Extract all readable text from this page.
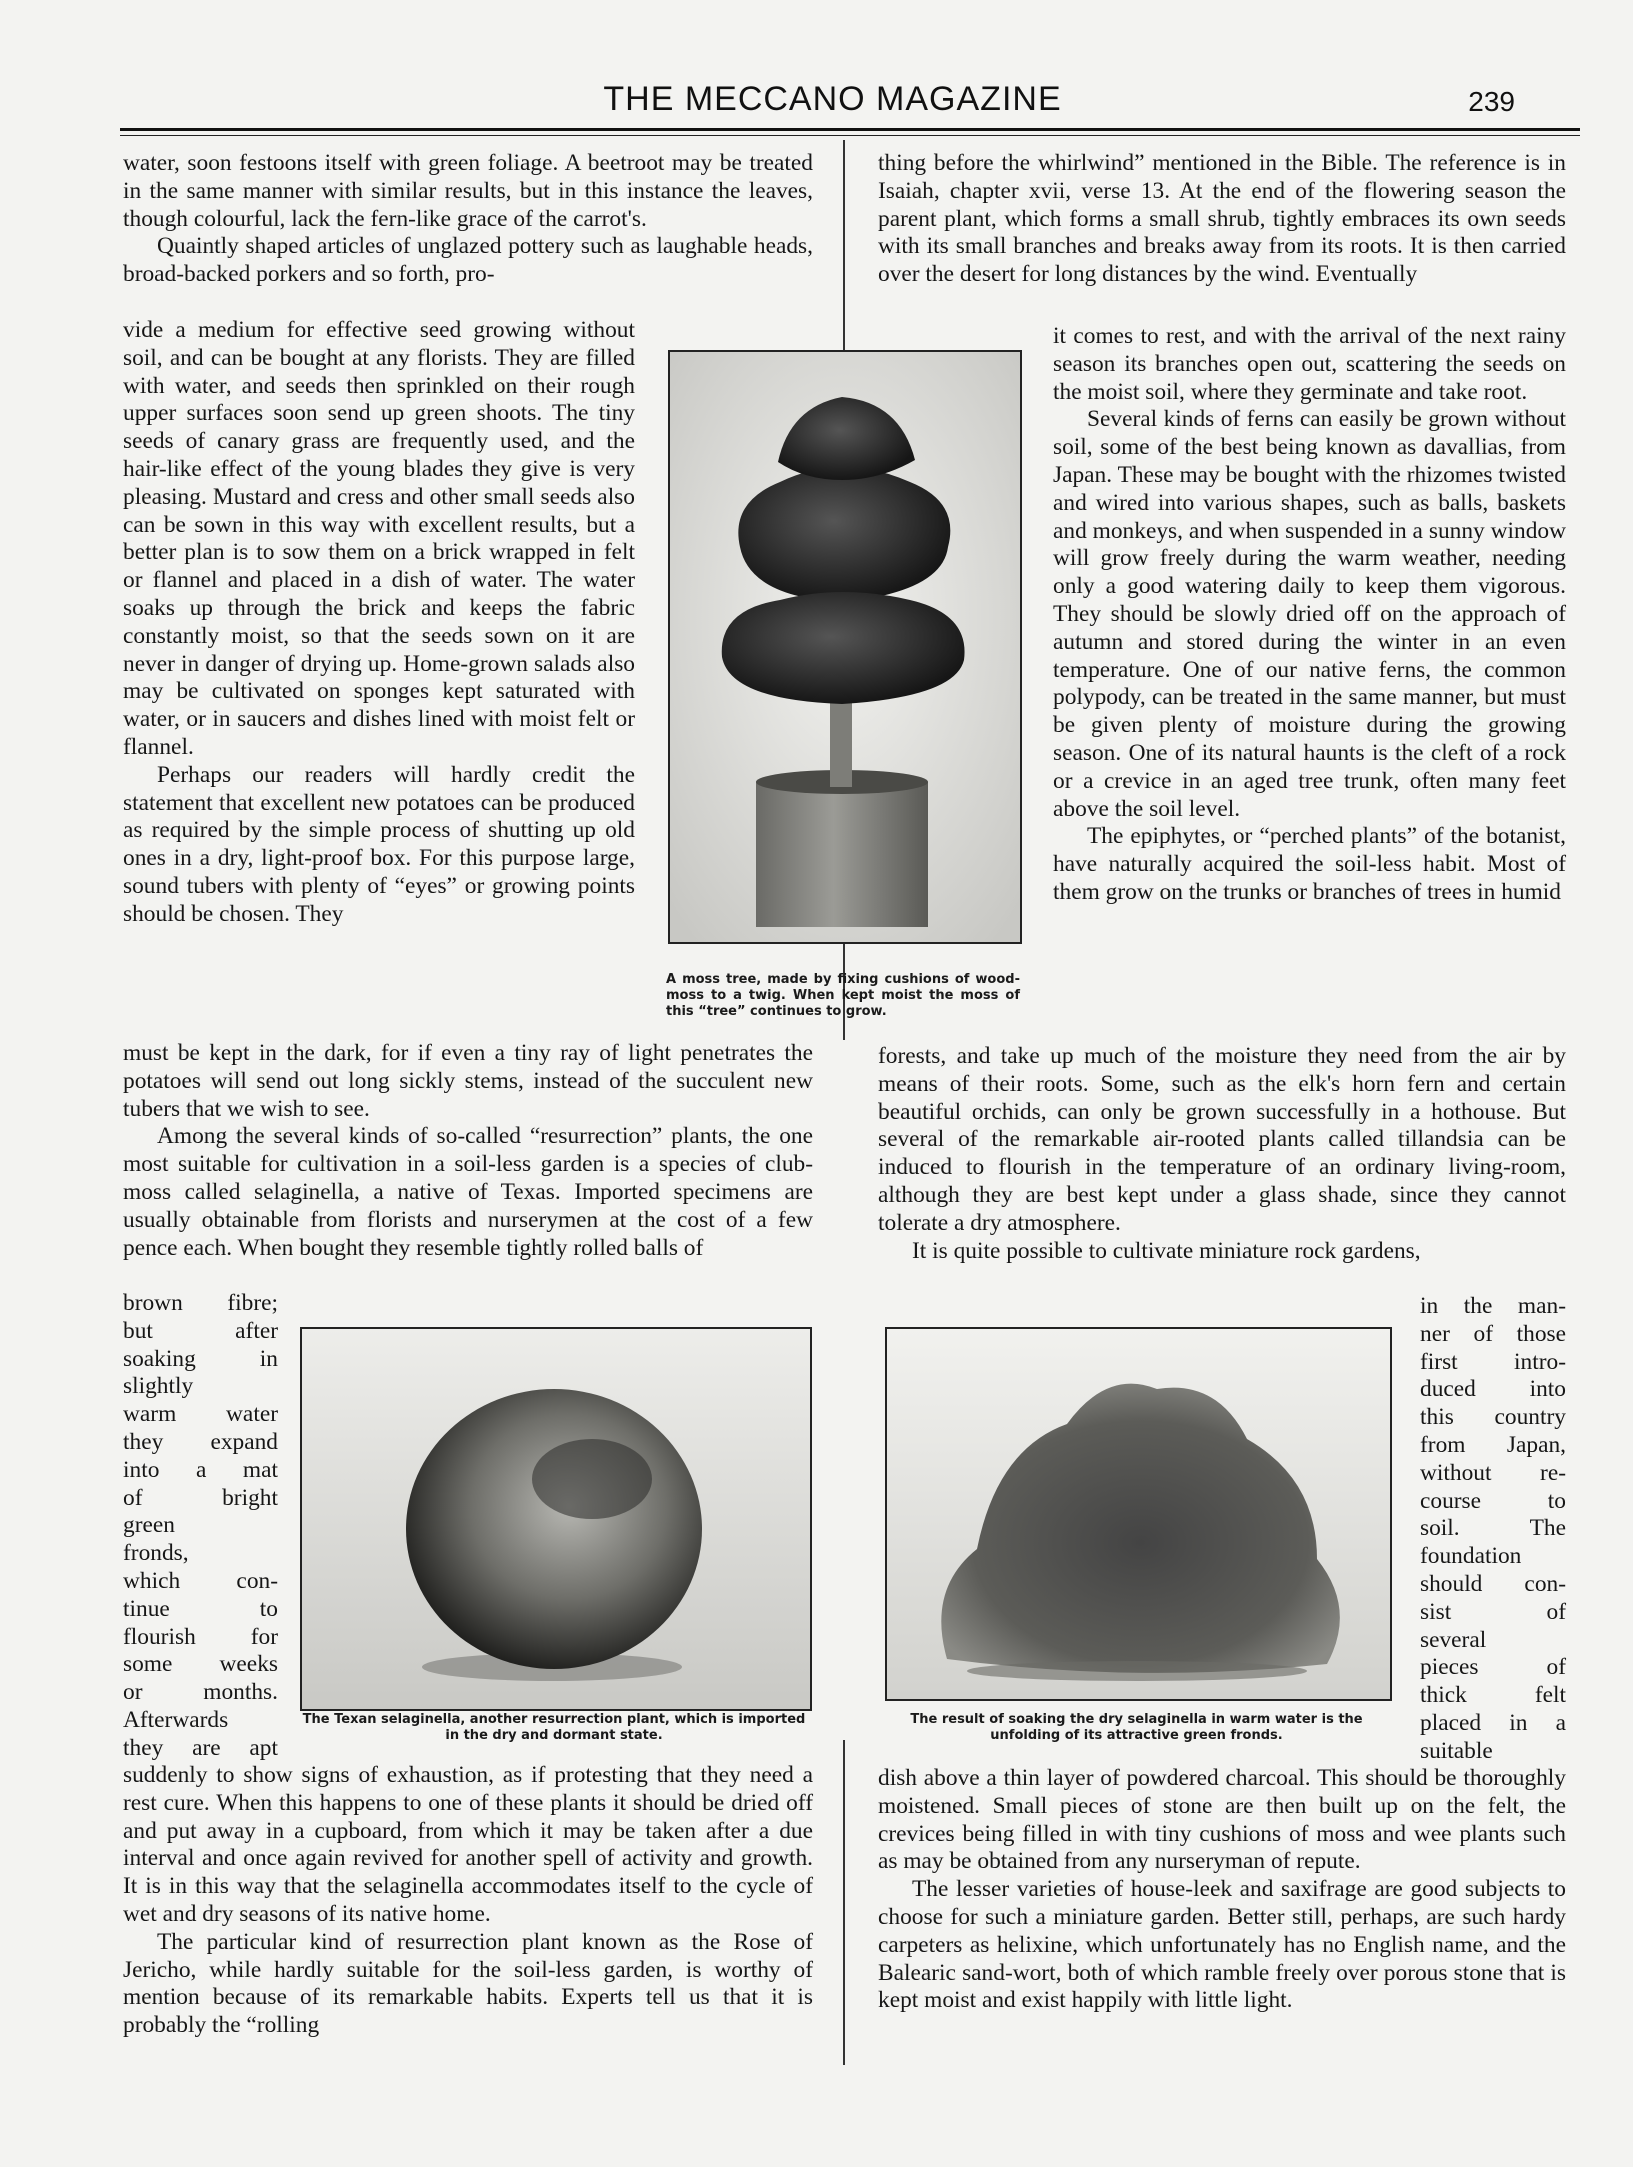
THE MECCANO MAGAZINE	239

water, soon festoons itself with green foliage. A beetroot may be treated in the same manner with similar results, but in this instance the leaves, though colourful, lack the fern-like grace of the carrot's.

Quaintly shaped articles of unglazed pottery such as laughable heads, broad-backed porkers and so forth, pro-

vide a medium for effective seed growing without soil, and can be bought at any florists. They are filled with water, and seeds then sprinkled on their rough upper surfaces soon send up green shoots. The tiny seeds of canary grass are frequently used, and the hair-like effect of the young blades they give is very pleasing. Mustard and cress and other small seeds also can be sown in this way with excellent results, but a better plan is to sow them on a brick wrapped in felt or flannel and placed in a dish of water. The water soaks up through the brick and keeps the fabric constantly moist, so that the seeds sown on it are never in danger of drying up. Home-grown salads also may be cultivated on sponges kept saturated with water, or in saucers and dishes lined with moist felt or flannel.

Perhaps our readers will hardly credit the statement that excellent new potatoes can be produced as required by the simple process of shutting up old ones in a dry, light-proof box. For this purpose large, sound tubers with plenty of “eyes” or growing points should be chosen. They

must be kept in the dark, for if even a tiny ray of light penetrates the potatoes will send out long sickly stems, instead of the succulent new tubers that we wish to see.

Among the several kinds of so-called “resurrection” plants, the one most suitable for cultivation in a soil-less garden is a species of club-moss called selaginella, a native of Texas. Imported specimens are usually obtainable from florists and nurserymen at the cost of a few pence each. When bought they resemble tightly rolled balls of

brown fibre;
but after
soaking in
slightly
warm water
they expand
into a mat
of bright
green
fronds,
which con-
tinue to
flourish for
some weeks
or months.
Afterwards
they are apt

suddenly to show signs of exhaustion, as if protesting that they need a rest cure. When this happens to one of these plants it should be dried off and put away in a cupboard, from which it may be taken after a due interval and once again revived for another spell of activity and growth. It is in this way that the selaginella accommodates itself to the cycle of wet and dry seasons of its native home.

The particular kind of resurrection plant known as the Rose of Jericho, while hardly suitable for the soil-less garden, is worthy of mention because of its remarkable habits. Experts tell us that it is probably the “rolling

thing before the whirlwind” mentioned in the Bible. The reference is in Isaiah, chapter xvii, verse 13. At the end of the flowering season the parent plant, which forms a small shrub, tightly embraces its own seeds with its small branches and breaks away from its roots. It is then carried over the desert for long distances by the wind. Eventually

it comes to rest, and with the arrival of the next rainy season its branches open out, scattering the seeds on the moist soil, where they germinate and take root.

Several kinds of ferns can easily be grown without soil, some of the best being known as davallias, from Japan. These may be bought with the rhizomes twisted and wired into various shapes, such as balls, baskets and monkeys, and when suspended in a sunny window will grow freely during the warm weather, needing only a good watering daily to keep them vigorous. They should be slowly dried off on the approach of autumn and stored during the winter in an even temperature. One of our native ferns, the common polypody, can be treated in the same manner, but must be given plenty of moisture during the growing season. One of its natural haunts is the cleft of a rock or a crevice in an aged tree trunk, often many feet above the soil level.

The epiphytes, or “perched plants” of the botanist, have naturally acquired the soil-less habit. Most of them grow on the trunks or branches of trees in humid

forests, and take up much of the moisture they need from the air by means of their roots. Some, such as the elk's horn fern and certain beautiful orchids, can only be grown successfully in a hothouse. But several of the remarkable air-rooted plants called tillandsia can be induced to flourish in the temperature of an ordinary living-room, although they are best kept under a glass shade, since they cannot tolerate a dry atmosphere.

It is quite possible to cultivate miniature rock gardens,

in the man-
ner of those
first intro-
duced into
this country
from Japan,
without re-
course to
soil. The
foundation
should con-
sist of
several
pieces of
thick felt
placed in a
suitable

dish above a thin layer of powdered charcoal. This should be thoroughly moistened. Small pieces of stone are then built up on the felt, the crevices being filled in with tiny cushions of moss and wee plants such as may be obtained from any nurseryman of repute.

The lesser varieties of house-leek and saxifrage are good subjects to choose for such a miniature garden. Better still, perhaps, are such hardy carpeters as helixine, which unfortunately has no English name, and the Balearic sand-wort, both of which ramble freely over porous stone that is kept moist and exist happily with little light.

A moss tree, made by fixing cushions of wood-moss to a twig. When kept moist the moss of this “tree” continues to grow.
The Texan selaginella, another resurrection plant, which is imported in the dry and dormant state.
The result of soaking the dry selaginella in warm water is the unfolding of its attractive green fronds.
